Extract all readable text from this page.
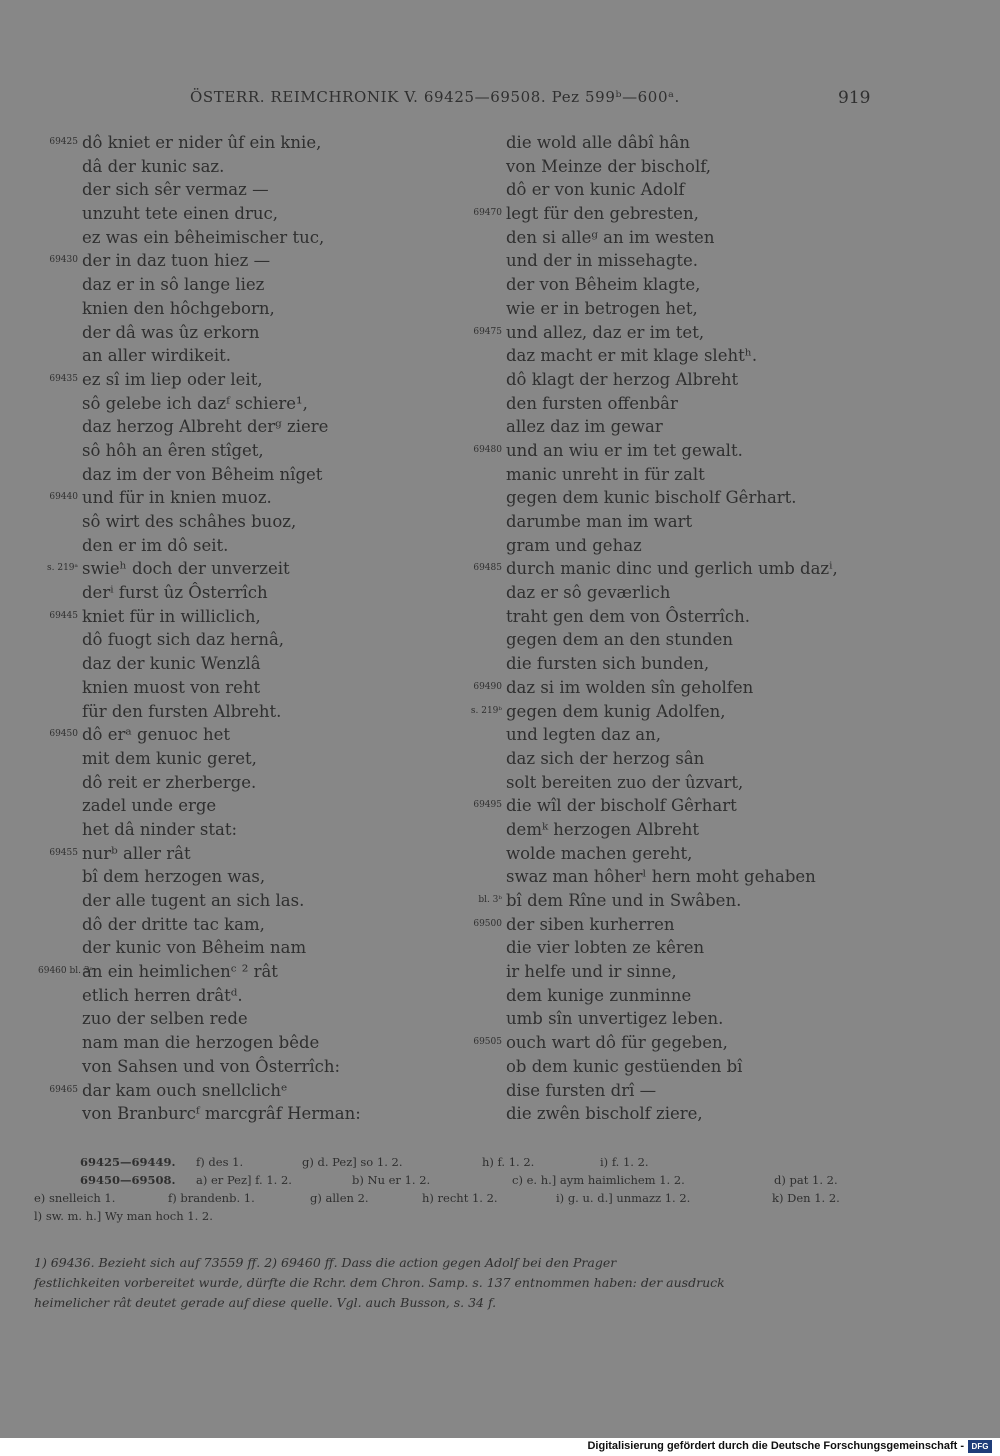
ÖSTERR. REIMCHRONIK V. 69425—69508. Pez 599ᵇ—600ᵃ.	919
69425 dô kniet er nider ûf ein knie,
dâ der kunic saz.
der sich sêr vermaz —
unzuht tete einen druc,
ez was ein bêheimischer tuc,
69430 der in daz tuon hiez —
daz er in sô lange liez
knien den hôchgeborn,
der dâ was ûz erkorn
an aller wirdikeit.
69435 ez sî im liep oder leit,
sô gelebe ich dazᶠ schiere¹,
daz herzog Albreht derᵍ ziere
sô hôh an êren stîget,
daz im der von Bêheim nîget
69440 und für in knien muoz.
sô wirt des schâhes buoz,
den er im dô seit.
s. 219ᵃ swieʰ doch der unverzeit
derⁱ furst ûz Ôsterrîch
69445 kniet für in williclich,
dô fuogt sich daz hernâ,
daz der kunic Wenzlâ
knien muost von reht
für den fursten Albreht.
69450 dô erᵃ genuoc het
mit dem kunic geret,
dô reit er zherberge.
zadel unde erge
het dâ ninder stat:
69455 nurᵇ aller rât
bî dem herzogen was,
der alle tugent an sich las.
dô der dritte tac kam,
der kunic von Bêheim nam
69460 bl. 3ᵃ
an ein heimlichenᶜ ² rât
etlich herren drâtᵈ.
zuo der selben rede
nam man die herzogen bêde
von Sahsen und von Ôsterrîch:
69465 dar kam ouch snellclichᵉ
von Branburcᶠ marcgrâf Herman:
die wold alle dâbî hân
von Meinze der bischolf,
dô er von kunic Adolf
69470 legt für den gebresten,
den si alleᵍ an im westen
und der in missehagte.
der von Bêheim klagte,
wie er in betrogen het,
69475 und allez, daz er im tet,
daz macht er mit klage slehtʰ.
dô klagt der herzog Albreht
den fursten offenbâr
allez daz im gewar
69480 und an wiu er im tet gewalt.
manic unreht in für zalt
gegen dem kunic bischolf Gêrhart.
darumbe man im wart
gram und gehaz
69485 durch manic dinc und gerlich umb dazⁱ,
daz er sô geværlich
traht gen dem von Ôsterrîch.
gegen dem an den stunden
die fursten sich bunden,
69490 daz si im wolden sîn geholfen
s. 219ᵇ gegen dem kunig Adolfen,
und legten daz an,
daz sich der herzog sân
solt bereiten zuo der ûzvart,
69495 die wîl der bischolf Gêrhart
demᵏ herzogen Albreht
wolde machen gereht,
swaz man hôherˡ hern moht gehaben
bl. 3ᵇ bî dem Rîne und in Swâben.
69500 der siben kurherren
die vier lobten ze kêren
ir helfe und ir sinne,
dem kunige zunminne
umb sîn unvertigez leben.
69505 ouch wart dô für gegeben,
ob dem kunic gestüenden bî
dise fursten drî —
die zwên bischolf ziere,
69425—69449. f) des 1.	g) d. Pez] so 1. 2.	h) f. 1. 2.	i) f. 1. 2.
69450—69508. a) er Pez] f. 1. 2.	b) Nu er 1. 2.	c) e. h.] aym haimlichem 1. 2.	d) pat 1. 2.
e) snelleich 1.	f) brandenb. 1.	g) allen 2.	h) recht 1. 2.	i) g. u. d.] unmazz 1. 2.	k) Den 1. 2.
l) sw. m. h.] Wy man hoch 1. 2.
1) 69436. Bezieht sich auf 73559 ff. 2) 69460 ff. Dass die action gegen Adolf bei den Prager
festlichkeiten vorbereitet wurde, dürfte die Rchr. dem Chron. Samp. s. 137 entnommen haben: der ausdruck
heimelicher rât deutet gerade auf diese quelle. Vgl. auch Busson, s. 34 f.
Digitalisierung gefördert durch die Deutsche Forschungsgemeinschaft - DFG
